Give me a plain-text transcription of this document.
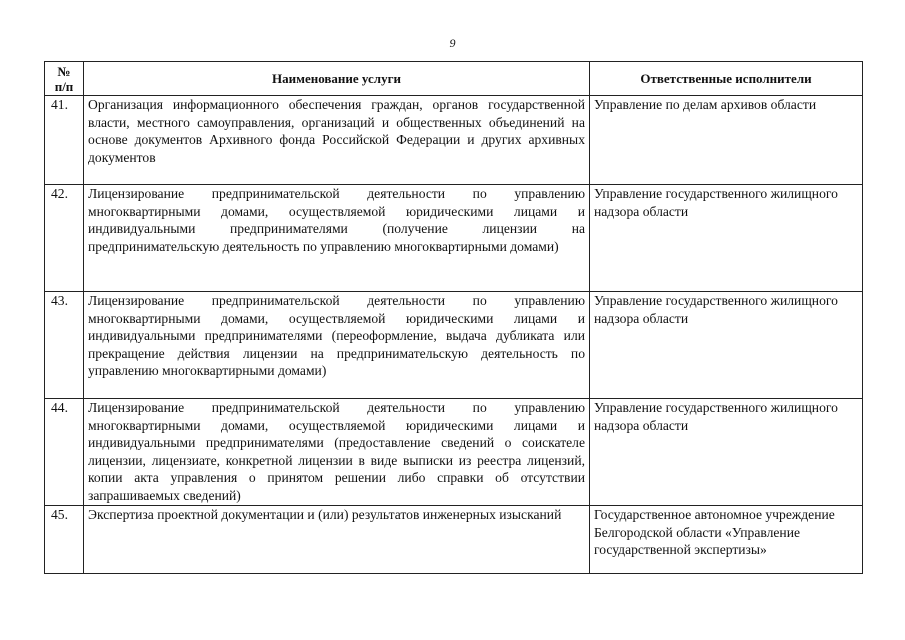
9
№
п/п	Наименование услуги	Ответственные исполнители
41.	Организация информационного обеспечения граждан, органов государственной власти, местного самоуправления, организаций и общественных объединений на основе документов Архивного фонда Российской Федерации и других архивных документов	Управление по делам архивов области
42.	Лицензирование предпринимательской деятельности по управлению многоквартирными домами, осуществляемой юридическими лицами и индивидуальными предпринимателями (получение лицензии на предпринимательскую деятельность по управлению многоквартирными домами)	Управление государственного жилищного надзора области
43.	Лицензирование предпринимательской деятельности по управлению многоквартирными домами, осуществляемой юридическими лицами и индивидуальными предпринимателями (переоформление, выдача дубликата или прекращение действия лицензии на предпринимательскую деятельность по управлению многоквартирными домами)	Управление государственного жилищного надзора области
44.	Лицензирование предпринимательской деятельности по управлению многоквартирными домами, осуществляемой юридическими лицами и индивидуальными предпринимателями (предоставление сведений о соискателе лицензии, лицензиате, конкретной лицензии в виде выписки из реестра лицензий, копии акта управления о принятом решении либо справки об отсутствии запрашиваемых сведений)	Управление государственного жилищного надзора области
45.	Экспертиза проектной документации и (или) результатов инженерных изысканий	Государственное автономное учреждение Белгородской области «Управление государственной экспертизы»
